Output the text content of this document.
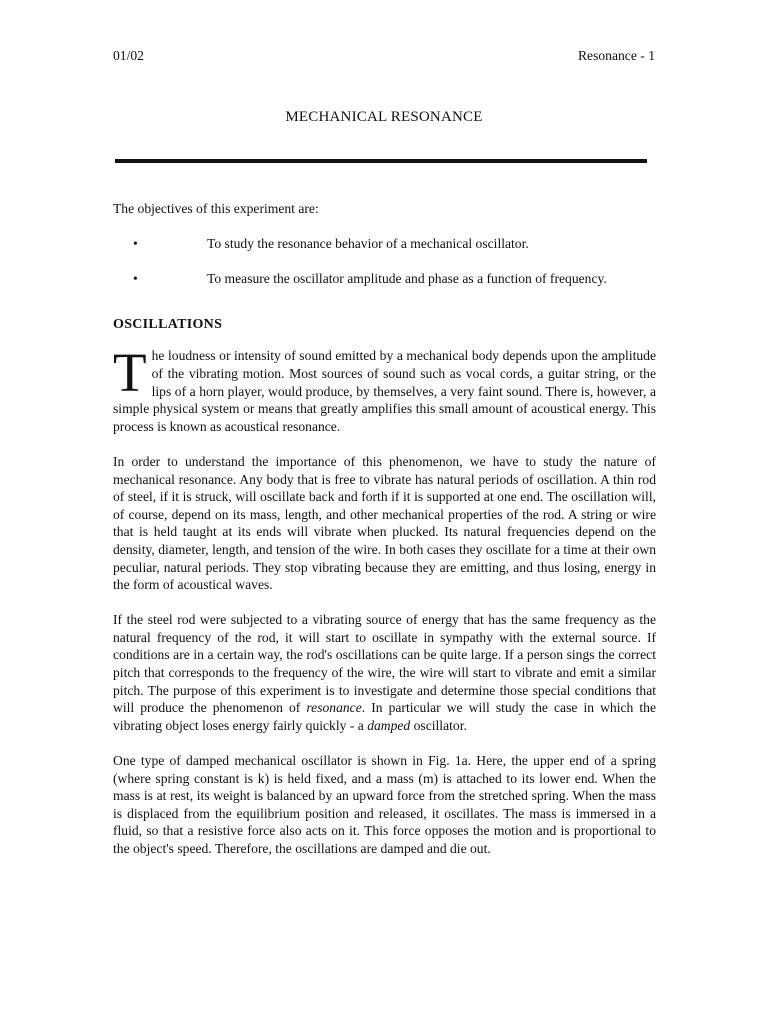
01/02	Resonance - 1
MECHANICAL RESONANCE

The objectives of this experiment are:

•	To study the resonance behavior of a mechanical oscillator.
•	To measure the oscillator amplitude and phase as a function of frequency.
OSCILLATIONS

The loudness or intensity of sound emitted by a mechanical body depends upon the amplitude of the vibrating motion. Most sources of sound such as vocal cords, a guitar string, or the lips of a horn player, would produce, by themselves, a very faint sound. There is, however, a simple physical system or means that greatly amplifies this small amount of acoustical energy. This process is known as acoustical resonance.

In order to understand the importance of this phenomenon, we have to study the nature of mechanical resonance. Any body that is free to vibrate has natural periods of oscillation. A thin rod of steel, if it is struck, will oscillate back and forth if it is supported at one end. The oscillation will, of course, depend on its mass, length, and other mechanical properties of the rod. A string or wire that is held taught at its ends will vibrate when plucked. Its natural frequencies depend on the density, diameter, length, and tension of the wire. In both cases they oscillate for a time at their own peculiar, natural periods. They stop vibrating because they are emitting, and thus losing, energy in the form of acoustical waves.

If the steel rod were subjected to a vibrating source of energy that has the same frequency as the natural frequency of the rod, it will start to oscillate in sympathy with the external source. If conditions are in a certain way, the rod's oscillations can be quite large. If a person sings the correct pitch that corresponds to the frequency of the wire, the wire will start to vibrate and emit a similar pitch. The purpose of this experiment is to investigate and determine those special conditions that will produce the phenomenon of resonance. In particular we will study the case in which the vibrating object loses energy fairly quickly - a damped oscillator.

One type of damped mechanical oscillator is shown in Fig. 1a. Here, the upper end of a spring (where spring constant is k) is held fixed, and a mass (m) is attached to its lower end. When the mass is at rest, its weight is balanced by an upward force from the stretched spring. When the mass is displaced from the equilibrium position and released, it oscillates. The mass is immersed in a fluid, so that a resistive force also acts on it. This force opposes the motion and is proportional to the object's speed. Therefore, the oscillations are damped and die out.
